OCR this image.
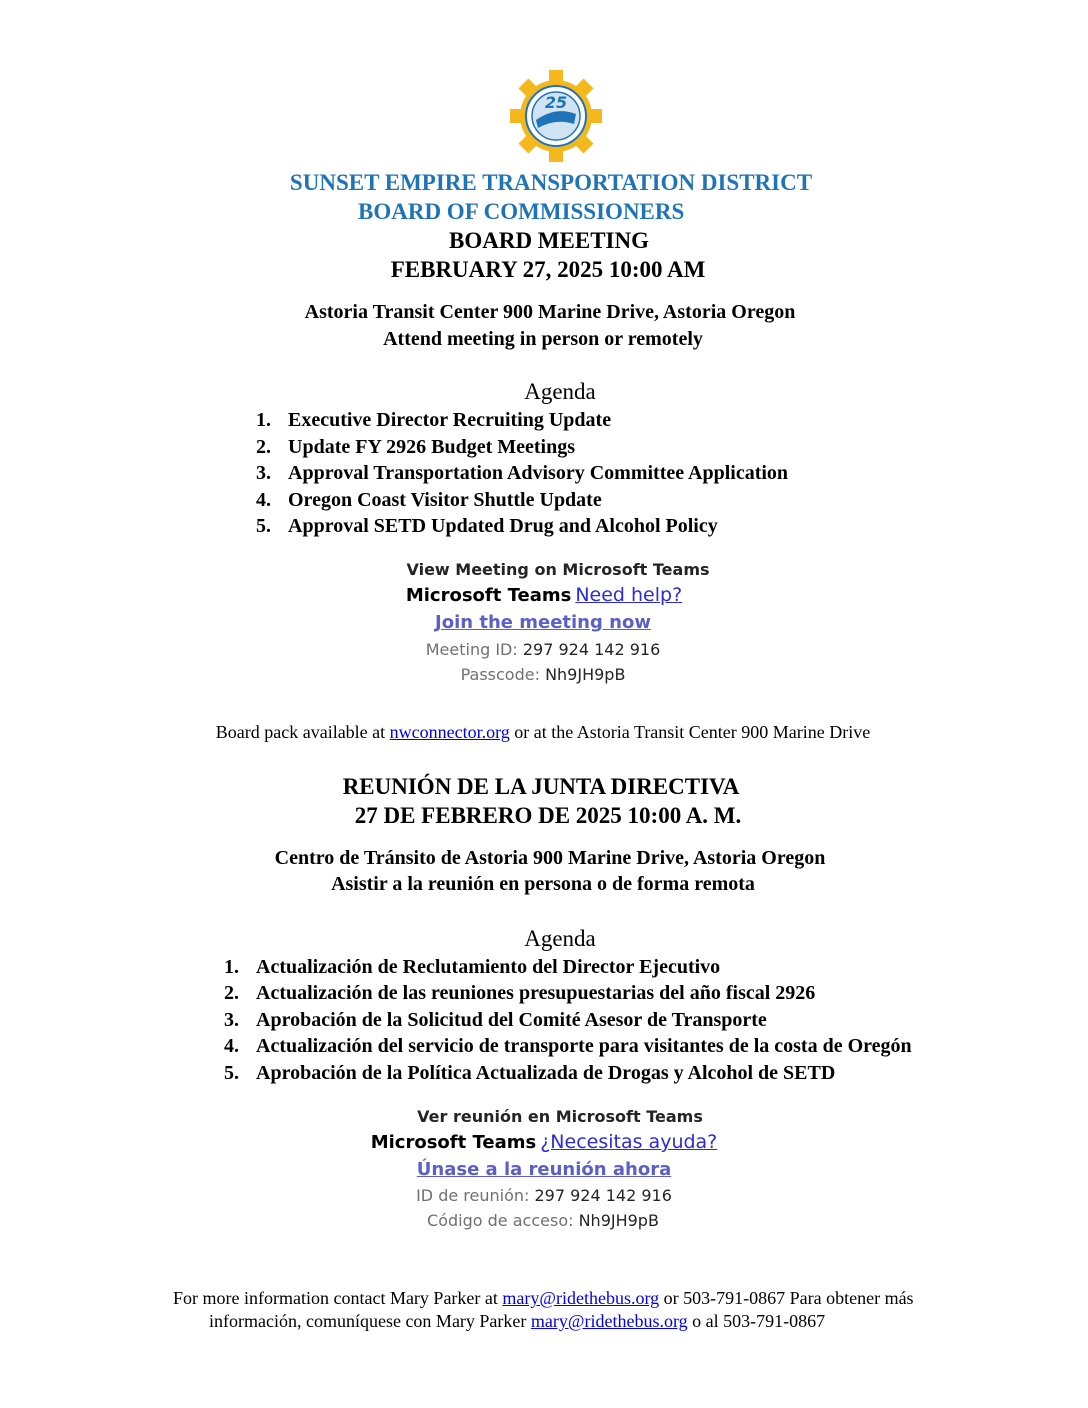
25
SUNSET EMPIRE TRANSPORTATION DISTRICT
BOARD OF COMMISSIONERS
BOARD MEETING
FEBRUARY 27, 2025 10:00 AM
Astoria Transit Center 900 Marine Drive, Astoria Oregon
Attend meeting in person or remotely
Agenda
1. Executive Director Recruiting Update
2. Update FY 2926 Budget Meetings
3. Approval Transportation Advisory Committee Application
4. Oregon Coast Visitor Shuttle Update
5. Approval SETD Updated Drug and Alcohol Policy
View Meeting on Microsoft Teams
Microsoft Teams Need help?
Join the meeting now
Meeting ID: 297 924 142 916
Passcode: Nh9JH9pB
Board pack available at nwconnector.org or at the Astoria Transit Center 900 Marine Drive
REUNIÓN DE LA JUNTA DIRECTIVA
27 DE FEBRERO DE 2025 10:00 A. M.
Centro de Tránsito de Astoria 900 Marine Drive, Astoria Oregon
Asistir a la reunión en persona o de forma remota
Agenda
1. Actualización de Reclutamiento del Director Ejecutivo
2. Actualización de las reuniones presupuestarias del año fiscal 2926
3. Aprobación de la Solicitud del Comité Asesor de Transporte
4. Actualización del servicio de transporte para visitantes de la costa de Oregón
5. Aprobación de la Política Actualizada de Drogas y Alcohol de SETD
Ver reunión en Microsoft Teams
Microsoft Teams ¿Necesitas ayuda?
Únase a la reunión ahora
ID de reunión: 297 924 142 916
Código de acceso: Nh9JH9pB
For more information contact Mary Parker at mary@ridethebus.org or 503-791-0867 Para obtener más
información, comuníquese con Mary Parker mary@ridethebus.org o al 503-791-0867
